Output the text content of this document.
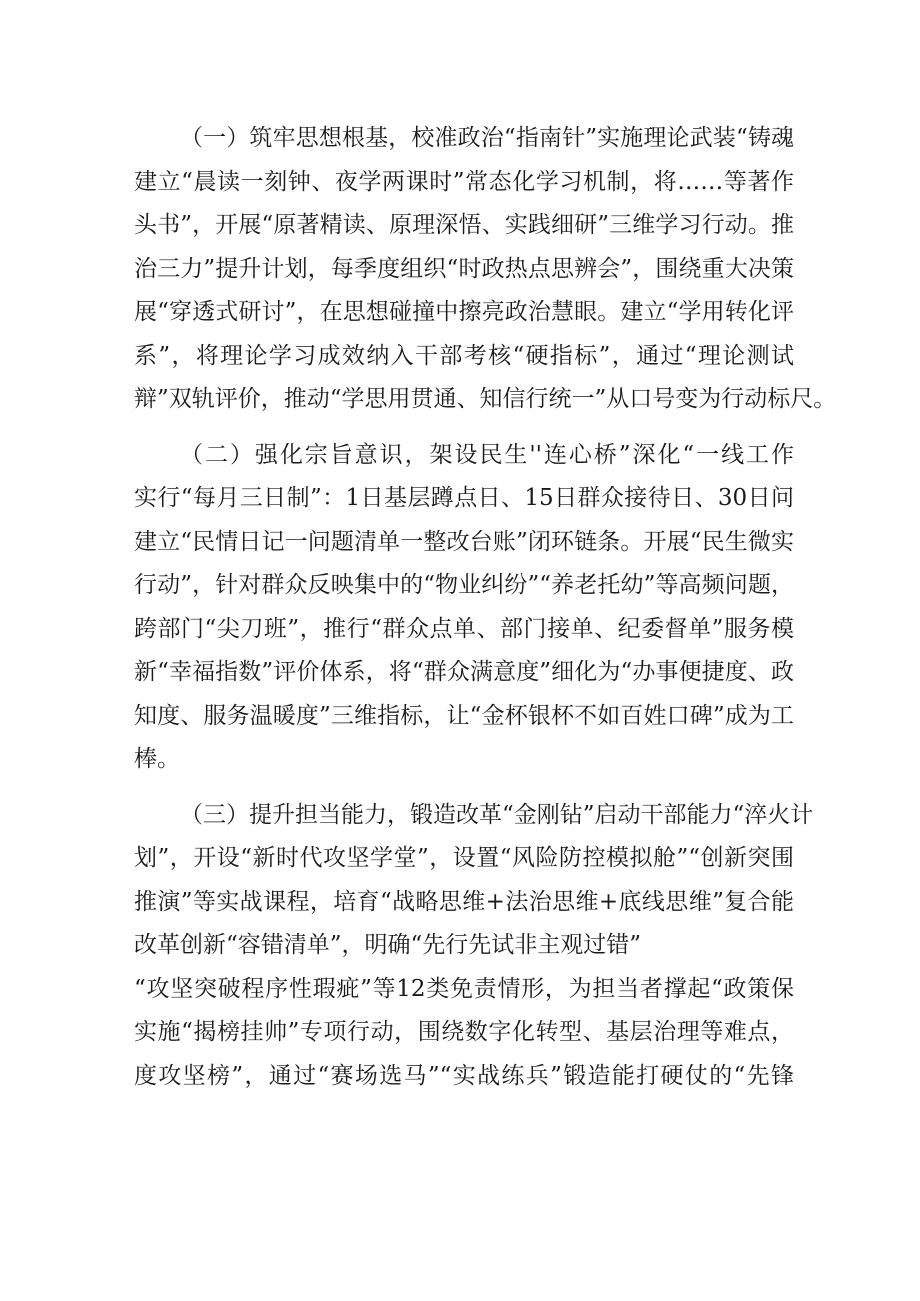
（一）筑牢思想根基，校准政治“指南针”实施理论武装“铸魂
建立“晨读一刻钟、夜学两课时”常态化学习机制，将……等著作
头书”，开展“原著精读、原理深悟、实践细研”三维学习行动。推
治三力”提升计划，每季度组织“时政热点思辨会”，围绕重大决策
展“穿透式研讨”，在思想碰撞中擦亮政治慧眼。建立“学用转化评
系”，将理论学习成效纳入干部考核“硬指标”，通过“理论测试
辩”双轨评价，推动“学思用贯通、知信行统一”从口号变为行动标尺。
（二）强化宗旨意识，架设民生''连心桥”深化“一线工作
实行“每月三日制”：1日基层蹲点日、15日群众接待日、30日问
建立“民情日记一问题清单一整改台账”闭环链条。开展“民生微实
行动”，针对群众反映集中的“物业纠纷”“养老托幼”等高频问题，
跨部门“尖刀班”，推行“群众点单、部门接单、纪委督单”服务模
新“幸福指数”评价体系，将“群众满意度”细化为“办事便捷度、政
知度、服务温暖度”三维指标，让“金杯银杯不如百姓口碑”成为工
棒。
（三）提升担当能力，锻造改革“金刚钻”启动干部能力“淬火计
划”，开设“新时代攻坚学堂”，设置“风险防控模拟舱”“创新突围
推演”等实战课程，培育“战略思维+法治思维+底线思维”复合能
改革创新“容错清单”，明确“先行先试非主观过错”
“攻坚突破程序性瑕疵”等12类免责情形，为担当者撑起“政策保
实施“揭榜挂帅”专项行动，围绕数字化转型、基层治理等难点，
度攻坚榜”，通过“赛场选马”“实战练兵”锻造能打硬仗的“先锋
